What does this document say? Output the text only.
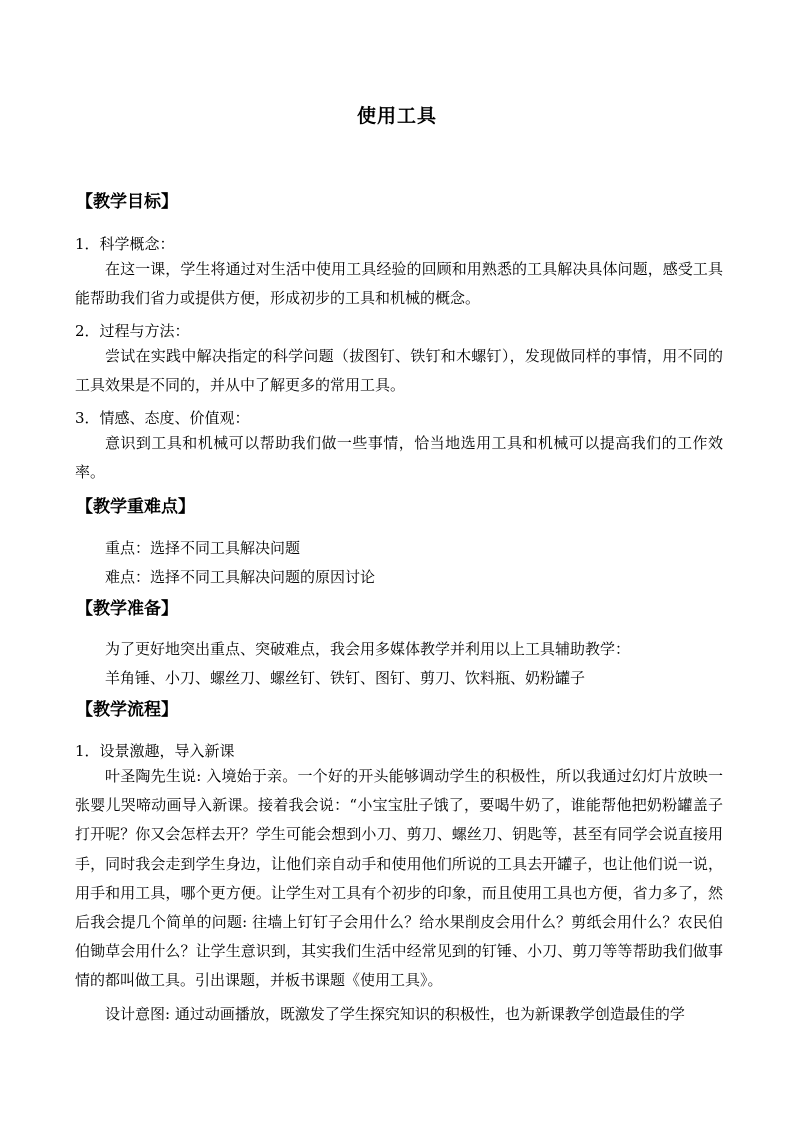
使用工具
【教学目标】
1．科学概念：

在这一课，学生将通过对生活中使用工具经验的回顾和用熟悉的工具解决具体问题，感受工具能帮助我们省力或提供方便，形成初步的工具和机械的概念。

2．过程与方法：

尝试在实践中解决指定的科学问题（拔图钉、铁钉和木螺钉），发现做同样的事情，用不同的工具效果是不同的，并从中了解更多的常用工具。

3．情感、态度、价值观：

意识到工具和机械可以帮助我们做一些事情，恰当地选用工具和机械可以提高我们的工作效率。

【教学重难点】
重点：选择不同工具解决问题
难点：选择不同工具解决问题的原因讨论
【教学准备】
为了更好地突出重点、突破难点，我会用多媒体教学并利用以上工具辅助教学：
羊角锤、小刀、螺丝刀、螺丝钉、铁钉、图钉、剪刀、饮料瓶、奶粉罐子
【教学流程】
1．设景激趣，导入新课

叶圣陶先生说: 入境始于亲。一个好的开头能够调动学生的积极性，所以我通过幻灯片放映一张婴儿哭啼动画导入新课。接着我会说：“小宝宝肚子饿了，要喝牛奶了，谁能帮他把奶粉罐盖子打开呢？你又会怎样去开？学生可能会想到小刀、剪刀、螺丝刀、钥匙等，甚至有同学会说直接用手，同时我会走到学生身边，让他们亲自动手和使用他们所说的工具去开罐子，也让他们说一说，用手和用工具，哪个更方便。让学生对工具有个初步的印象，而且使用工具也方便，省力多了，然后我会提几个简单的问题: 往墙上钉钉子会用什么？给水果削皮会用什么？剪纸会用什么？农民伯伯锄草会用什么？让学生意识到，其实我们生活中经常见到的钉锤、小刀、剪刀等等帮助我们做事情的都叫做工具。引出课题，并板书课题《使用工具》。

设计意图: 通过动画播放，既激发了学生探究知识的积极性，也为新课教学创造最佳的学
